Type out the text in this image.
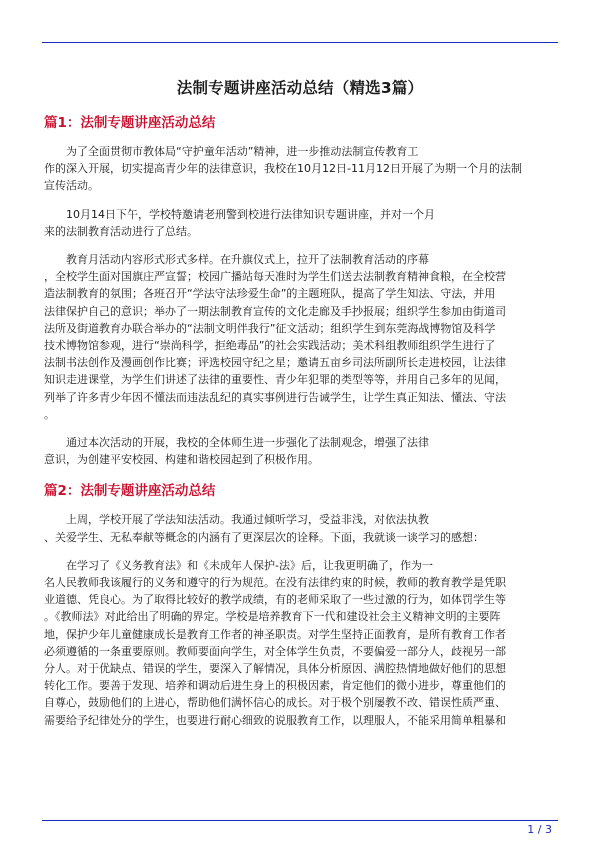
法制专题讲座活动总结（精选3篇）
篇1：法制专题讲座活动总结

为了全面贯彻市教体局“守护童年活动”精神，进一步推动法制宣传教育工
作的深入开展，切实提高青少年的法律意识，我校在10月12日-11月12日开展了为期一个月的法制
宣传活动。

10月14日下午，学校特邀请老刑警到校进行法律知识专题讲座，并对一个月
来的法制教育活动进行了总结。

教育月活动内容形式形式多样。在升旗仪式上，拉开了法制教育活动的序幕
，全校学生面对国旗庄严宣誓；校园广播站每天准时为学生们送去法制教育精神食粮，在全校营
造法制教育的氛围；各班召开“学法守法珍爱生命”的主题班队，提高了学生知法、守法，并用
法律保护自己的意识；举办了一期法制教育宣传的文化走廊及手抄报展；组织学生参加由街道司
法所及街道教育办联合举办的“法制文明伴我行”征文活动；组织学生到东莞海战博物馆及科学
技术博物馆参观，进行“崇尚科学，拒绝毒品”的社会实践活动；美术科组教师组织学生进行了
法制书法创作及漫画创作比赛；评选校园守纪之星；邀请五亩乡司法所副所长走进校园，让法律
知识走进课堂，为学生们讲述了法律的重要性、青少年犯罪的类型等等，并用自己多年的见闻，
列举了许多青少年因不懂法而违法乱纪的真实事例进行告诫学生，让学生真正知法、懂法、守法
。

通过本次活动的开展，我校的全体师生进一步强化了法制观念，增强了法律
意识，为创建平安校园、构建和谐校园起到了积极作用。

篇2：法制专题讲座活动总结

上周，学校开展了学法知法活动。我通过倾听学习，受益非浅，对依法执教
、关爱学生、无私奉献等概念的内涵有了更深层次的诠释。下面，我就谈一谈学习的感想：

在学习了《义务教育法》和《未成年人保护-法》后，让我更明确了，作为一
名人民教师我该履行的义务和遵守的行为规范。在没有法律约束的时候，教师的教育教学是凭职
业道德、凭良心。为了取得比较好的教学成绩，有的老师采取了一些过激的行为，如体罚学生等
。《教师法》对此给出了明确的界定。学校是培养教育下一代和建设社会主义精神文明的主要阵
地，保护少年儿童健康成长是教育工作者的神圣职责。对学生坚持正面教育，是所有教育工作者
必须遵循的一条重要原则。教师要面向学生，对全体学生负责，不要偏爱一部分人，歧视另一部
分人。对于优缺点、错误的学生，要深入了解情况，具体分析原因、满腔热情地做好他们的思想
转化工作。要善于发现、培养和调动后进生身上的积极因素，肯定他们的微小进步，尊重他们的
自尊心，鼓励他们的上进心，帮助他们满怀信心的成长。对于极个别屡教不改、错误性质严重、
需要给予纪律处分的学生，也要进行耐心细致的说服教育工作，以理服人，不能采用简单粗暴和

1 / 3
